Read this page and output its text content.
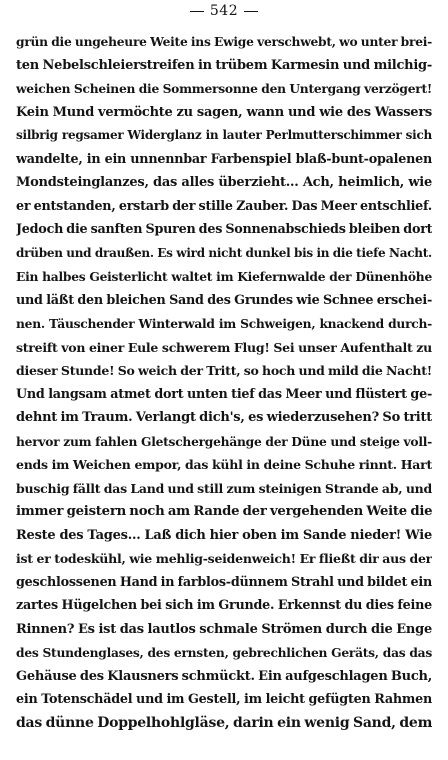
542
grün die ungeheure Weite ins Ewige verschwebt, wo unter brei-
ten Nebelschleierstreifen in trübem Karmesin und milchig-
weichen Scheinen die Sommersonne den Untergang verzögert!
Kein Mund vermöchte zu sagen, wann und wie des Wassers
silbrig regsamer Widerglanz in lauter Perlmutterschimmer sich
wandelte, in ein unnennbar Farbenspiel blaß-bunt-opalenen
Mondsteinglanzes, das alles überzieht… Ach, heimlich, wie
er entstanden, erstarb der stille Zauber. Das Meer entschlief.
Jedoch die sanften Spuren des Sonnenabschieds bleiben dort
drüben und draußen. Es wird nicht dunkel bis in die tiefe Nacht.
Ein halbes Geisterlicht waltet im Kiefernwalde der Dünenhöhe
und läßt den bleichen Sand des Grundes wie Schnee erschei-
nen. Täuschender Winterwald im Schweigen, knackend durch-
streift von einer Eule schwerem Flug! Sei unser Aufenthalt zu
dieser Stunde! So weich der Tritt, so hoch und mild die Nacht!
Und langsam atmet dort unten tief das Meer und flüstert ge-
dehnt im Traum. Verlangt dich's, es wiederzusehen? So tritt
hervor zum fahlen Gletschergehänge der Düne und steige voll-
ends im Weichen empor, das kühl in deine Schuhe rinnt. Hart
buschig fällt das Land und still zum steinigen Strande ab, und
immer geistern noch am Rande der vergehenden Weite die
Reste des Tages… Laß dich hier oben im Sande nieder! Wie
ist er todeskühl, wie mehlig-seidenweich! Er fließt dir aus der
geschlossenen Hand in farblos-dünnem Strahl und bildet ein
zartes Hügelchen bei sich im Grunde. Erkennst du dies feine
Rinnen? Es ist das lautlos schmale Strömen durch die Enge
des Stundenglases, des ernsten, gebrechlichen Geräts, das das
Gehäuse des Klausners schmückt. Ein aufgeschlagen Buch,
ein Totenschädel und im Gestell, im leicht gefügten Rahmen
das dünne Doppelhohlgläse, darin ein wenig Sand, dem
